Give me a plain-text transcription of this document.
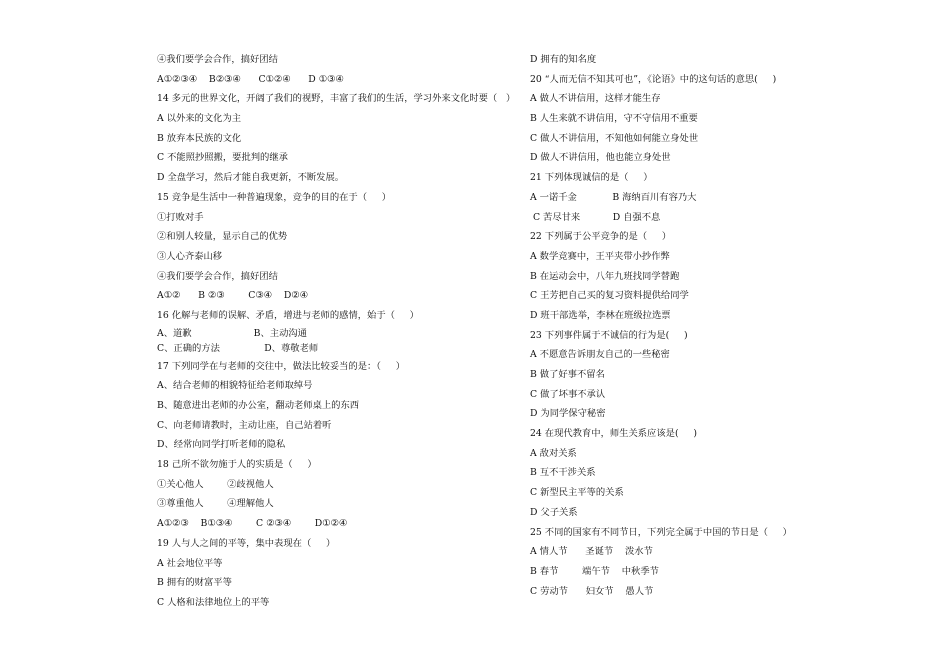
④我们要学会合作，搞好团结
A①②③④    B②③④      C①②④      D ①③④
14 多元的世界文化，开阔了我们的视野，丰富了我们的生活，学习外来文化时要（   ）
A 以外来的文化为主
B 放弃本民族的文化
C 不能照抄照搬，要批判的继承
D 全盘学习，然后才能自我更新，不断发展。
15 竞争是生活中一种普遍现象，竞争的目的在于（     ）
①打败对手
②和别人较量，显示自己的优势
③人心齐泰山移
④我们要学会合作，搞好团结
A①②      B ②③        C③④    D②④
16 化解与老师的误解、矛盾，增进与老师的感情，始于（     ）
A、道歉                     B、主动沟通
C、正确的方法               D、尊敬老师
17 下列同学在与老师的交往中，做法比较妥当的是：（     ）
A、结合老师的相貌特征给老师取绰号
B、随意进出老师的办公室，翻动老师桌上的东西
C、向老师请教时，主动让座，自己站着听
D、经常向同学打听老师的隐私
18 己所不欲勿施于人的实质是（     ）
①关心他人        ②歧视他人
③尊重他人        ④理解他人
A①②③    B①③④        C ②③④        D①②④
19 人与人之间的平等，集中表现在（     ）
A 社会地位平等
B 拥有的财富平等
C 人格和法律地位上的平等
D 拥有的知名度
20 “人而无信不知其可也”，《论语》中的这句话的意思(     )
A 做人不讲信用，这样才能生存
B 人生来就不讲信用，守不守信用不重要
C 做人不讲信用，不知他如何能立身处世
D 做人不讲信用，他也能立身处世
21 下列体现诚信的是（     ）
A 一诺千金            B 海纳百川有容乃大
C 苦尽甘来           D 自强不息
22 下列属于公平竞争的是（     ）
A 数学竞赛中，王平夹带小抄作弊
B 在运动会中，八年九班找同学替跑
C 王芳把自己买的复习资料提供给同学
D 班干部选举，李林在班级拉选票
23 下列事件属于不诚信的行为是(     )
A 不愿意告诉朋友自己的一些秘密
B 做了好事不留名
C 做了坏事不承认
D 为同学保守秘密
24 在现代教育中，师生关系应该是(     )
A 敌对关系
B 互不干涉关系
C 新型民主平等的关系
D 父子关系
25 不同的国家有不同节日，下列完全属于中国的节日是（     ）
A 情人节      圣诞节    泼水节
B 春节        端午节    中秋季节
C 劳动节      妇女节    愚人节
